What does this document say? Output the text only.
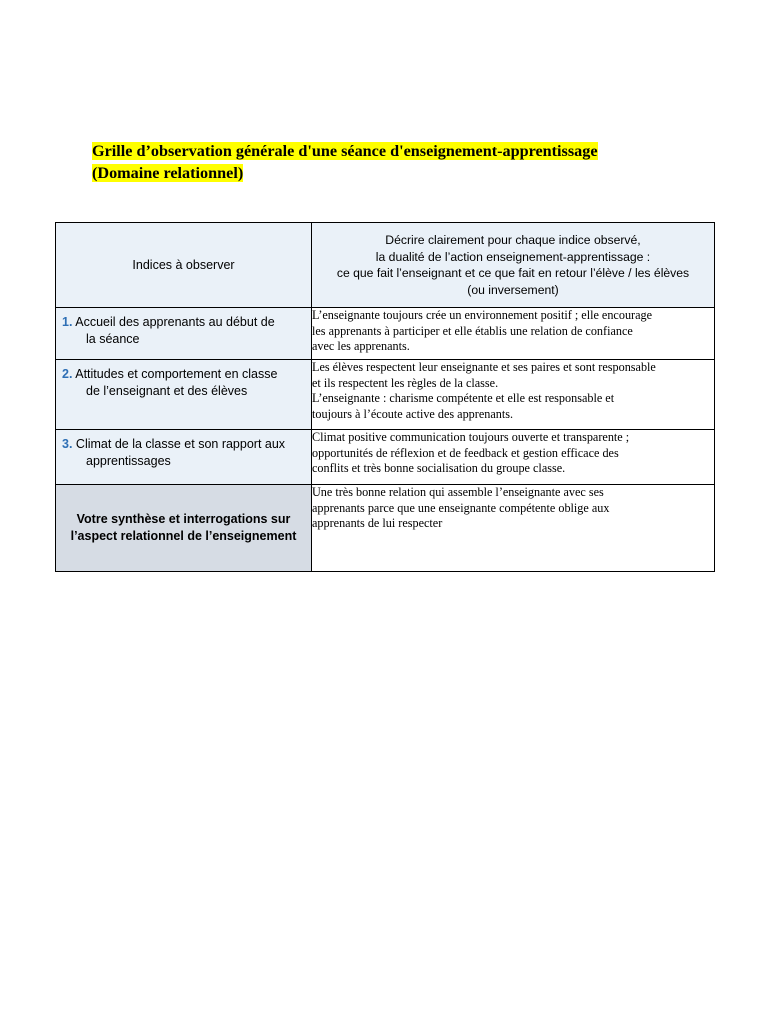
Grille d’observation générale d'une séance d'enseignement-apprentissage
(Domaine relationnel)
Indices à observer	Décrire clairement pour chaque indice observé,
la dualité de l’action enseignement-apprentissage :
ce que fait l’enseignant et ce que fait en retour l’élève / les élèves
(ou inversement)

1. Accueil des apprenants au début de
la séance	L’enseignante toujours crée un environnement positif ; elle encourage
les apprenants à participer et elle établis une relation de confiance
avec les apprenants.

2. Attitudes et comportement en classe
de l’enseignant et des élèves	Les élèves respectent leur enseignante et ses paires et sont responsable
et ils respectent les règles de la classe.
L’enseignante : charisme compétente et elle est responsable et
toujours à l’écoute active des apprenants.

3. Climat de la classe et son rapport aux
apprentissages	Climat positive communication toujours ouverte et transparente ;
opportunités de réflexion et de feedback et gestion efficace des
conflits et très bonne socialisation du groupe classe.

Votre synthèse et interrogations sur l’aspect relationnel de l’enseignement	Une très bonne relation qui assemble l’enseignante avec ses
apprenants parce que une enseignante compétente oblige aux
apprenants de lui respecter
